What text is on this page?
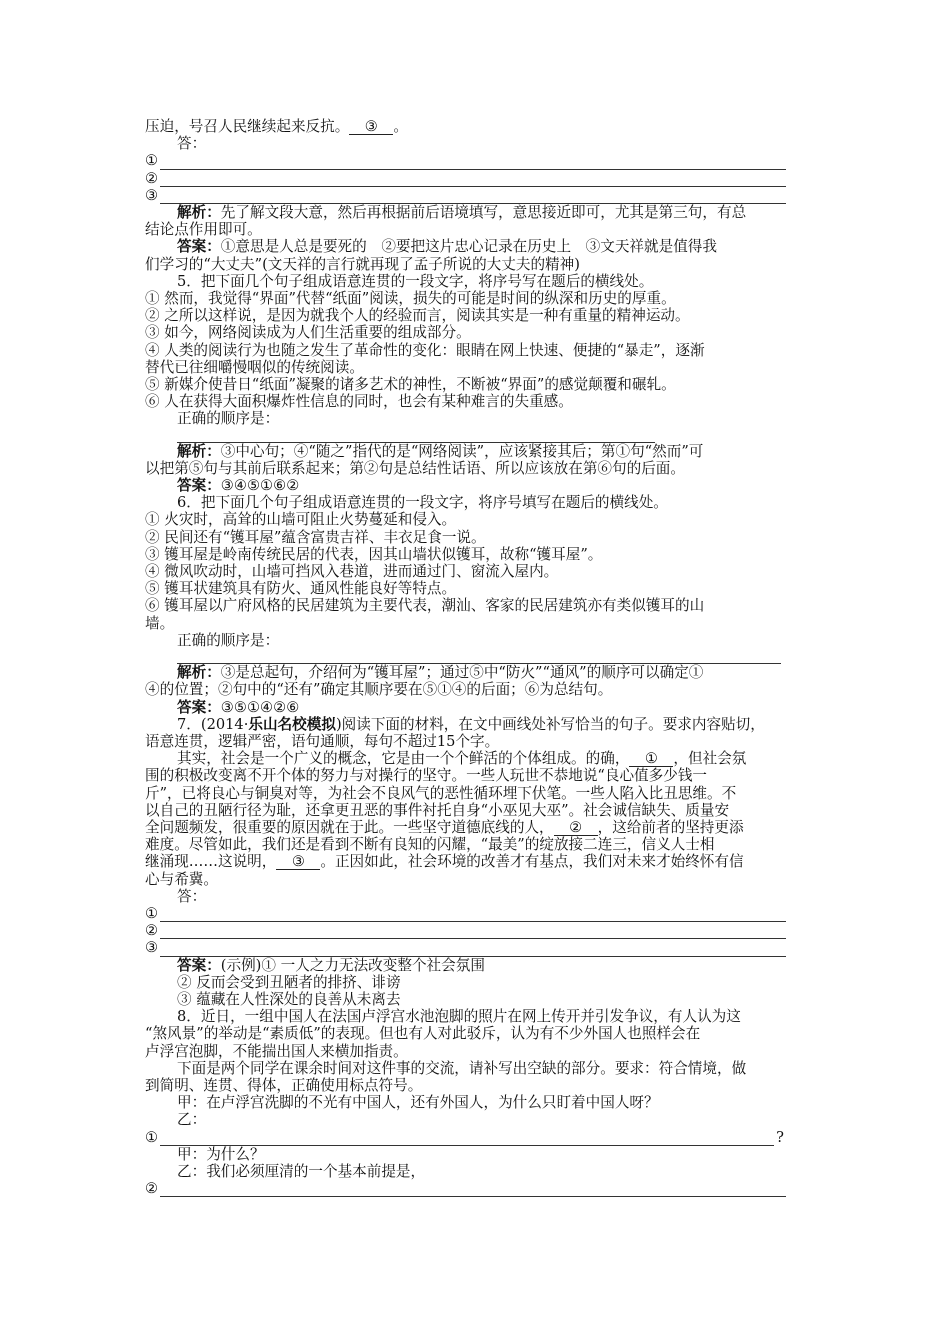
压迫，号召人民继续起来反抗。 ③ 。
答：
①
②
③
解析：先了解文段大意，然后再根据前后语境填写，意思接近即可，尤其是第三句，有总
结论点作用即可。
答案：①意思是人总是要死的　②要把这片忠心记录在历史上　③文天祥就是值得我
们学习的“大丈夫”(文天祥的言行就再现了孟子所说的大丈夫的精神)
5．把下面几个句子组成语意连贯的一段文字，将序号写在题后的横线处。
① 然而，我觉得“界面”代替“纸面”阅读，损失的可能是时间的纵深和历史的厚重。
② 之所以这样说，是因为就我个人的经验而言，阅读其实是一种有重量的精神运动。
③ 如今，网络阅读成为人们生活重要的组成部分。
④ 人类的阅读行为也随之发生了革命性的变化：眼睛在网上快速、便捷的“暴走”，逐渐
替代已往细嚼慢咽似的传统阅读。
⑤ 新媒介使昔日“纸面”凝聚的诸多艺术的神性，不断被“界面”的感觉颠覆和碾轧。
⑥ 人在获得大面积爆炸性信息的同时，也会有某种难言的失重感。
正确的顺序是：
解析：③中心句；④“随之”指代的是“网络阅读”，应该紧接其后；第①句“然而”可
以把第⑤句与其前后联系起来；第②句是总结性话语、所以应该放在第⑥句的后面。
答案：③④⑤①⑥②
6．把下面几个句子组成语意连贯的一段文字，将序号填写在题后的横线处。
① 火灾时，高耸的山墙可阻止火势蔓延和侵入。
② 民间还有“镬耳屋”蕴含富贵吉祥、丰衣足食一说。
③ 镬耳屋是岭南传统民居的代表，因其山墙状似镬耳，故称“镬耳屋”。
④ 微风吹动时，山墙可挡风入巷道，进而通过门、窗流入屋内。
⑤ 镬耳状建筑具有防火、通风性能良好等特点。
⑥ 镬耳屋以广府风格的民居建筑为主要代表，潮汕、客家的民居建筑亦有类似镬耳的山
墙。
正确的顺序是：
解析：③是总起句，介绍何为“镬耳屋”；通过⑤中“防火”“通风”的顺序可以确定①
④的位置；②句中的“还有”确定其顺序要在⑤①④的后面；⑥为总结句。
答案：③⑤①④②⑥
7．(2014·乐山名校模拟)阅读下面的材料，在文中画线处补写恰当的句子。要求内容贴切，
语意连贯，逻辑严密，语句通顺，每句不超过15个字。
其实，社会是一个广义的概念，它是由一个个鲜活的个体组成。的确， ① ，但社会氛
围的积极改变离不开个体的努力与对操行的坚守。一些人玩世不恭地说“良心值多少钱一
斤”，已将良心与铜臭对等，为社会不良风气的恶性循环埋下伏笔。一些人陷入比丑思维。不
以自己的丑陋行径为耻，还拿更丑恶的事件衬托自身“小巫见大巫”。社会诚信缺失、质量安
全问题频发，很重要的原因就在于此。一些坚守道德底线的人， ② ，这给前者的坚持更添
难度。尽管如此，我们还是看到不断有良知的闪耀，“最美”的绽放接二连三，信义人士相
继涌现……这说明， ③ 。正因如此，社会环境的改善才有基点，我们对未来才始终怀有信
心与希冀。
答：
①
②
③
答案：(示例)① 一人之力无法改变整个社会氛围
② 反而会受到丑陋者的排挤、诽谤
③ 蕴藏在人性深处的良善从未离去
8．近日，一组中国人在法国卢浮宫水池泡脚的照片在网上传开并引发争议，有人认为这
“煞风景”的举动是“素质低”的表现。但也有人对此驳斥，认为有不少外国人也照样会在
卢浮宫泡脚，不能揣出国人来横加指责。
下面是两个同学在课余时间对这件事的交流，请补写出空缺的部分。要求：符合情境，做
到简明、连贯、得体，正确使用标点符号。
甲：在卢浮宫洗脚的不光有中国人，还有外国人，为什么只盯着中国人呀？
乙：
①	?
甲：为什么？
乙：我们必须厘清的一个基本前提是，
②
